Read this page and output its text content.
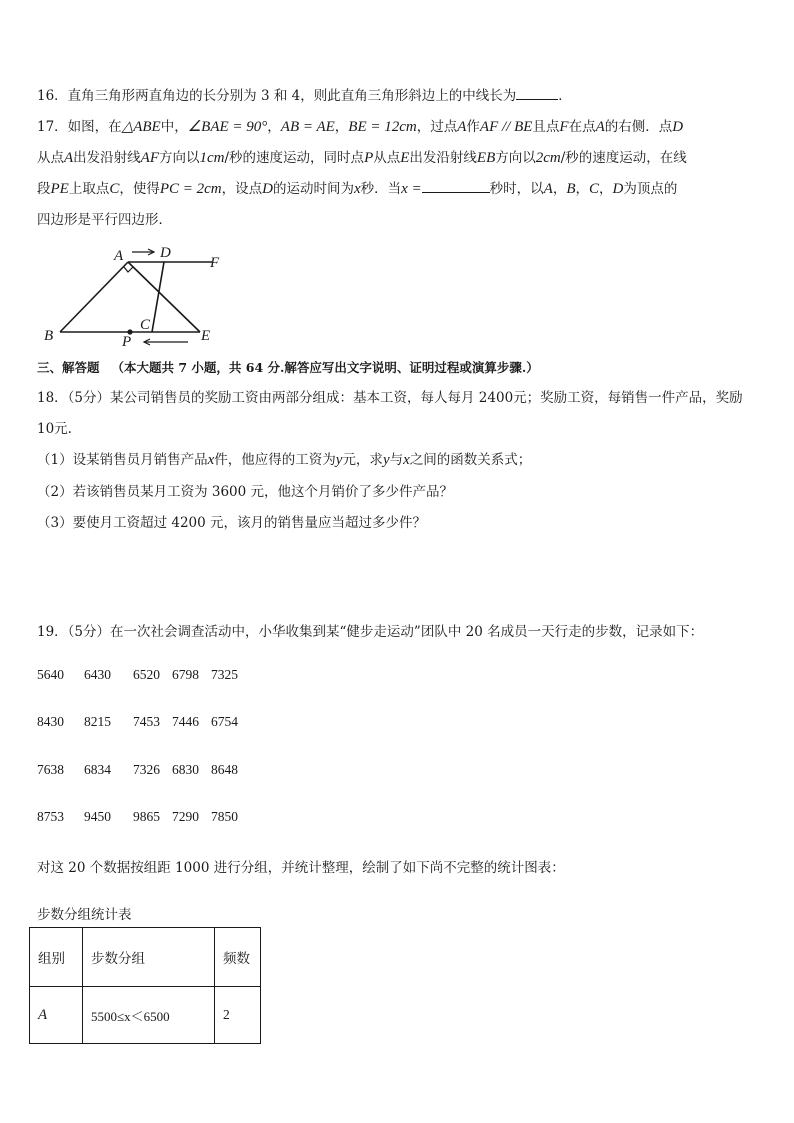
16．直角三角形两直角边的长分别为 3 和 4，则此直角三角形斜边上的中线长为	．
17．如图，在△ABE中，∠BAE = 90°，AB = AE，BE = 12cm，过点A作AF // BE且点F在点A的右侧．点D
从点A出发沿射线AF方向以1cm/秒的速度运动，同时点P从点E出发沿射线EB方向以2cm/秒的速度运动，在线
段PE上取点C，使得PC = 2cm，设点D的运动时间为x秒．当x =	秒时，以A，B，C，D为顶点的
四边形是平行四边形．
A D
F
B
C
P	E
三、解答题 （本大题共 7 小题，共 64 分.解答应写出文字说明、证明过程或演算步骤.）
18．（5分）某公司销售员的奖励工资由两部分组成：基本工资，每人每月 2400元；奖励工资，每销售一件产品，奖励
10元.
（1）设某销售员月销售产品x件，他应得的工资为y元，求y与x之间的函数关系式；
（2）若该销售员某月工资为 3600 元，他这个月销价了多少件产品？
（3）要使月工资超过 4200 元，该月的销售量应当超过多少件？
19．（5分）在一次社会调查活动中，小华收集到某“健步走运动”团队中 20 名成员一天行走的步数，记录如下：
5640 6430 6520 6798 7325
8430 8215 7453 7446 6754
7638 6834 7326 6830 8648
8753 9450 9865 7290 7850
对这 20 个数据按组距 1000 进行分组，并统计整理，绘制了如下尚不完整的统计图表：
步数分组统计表
组别	步数分组	频数
A	5500≤x＜6500	2
